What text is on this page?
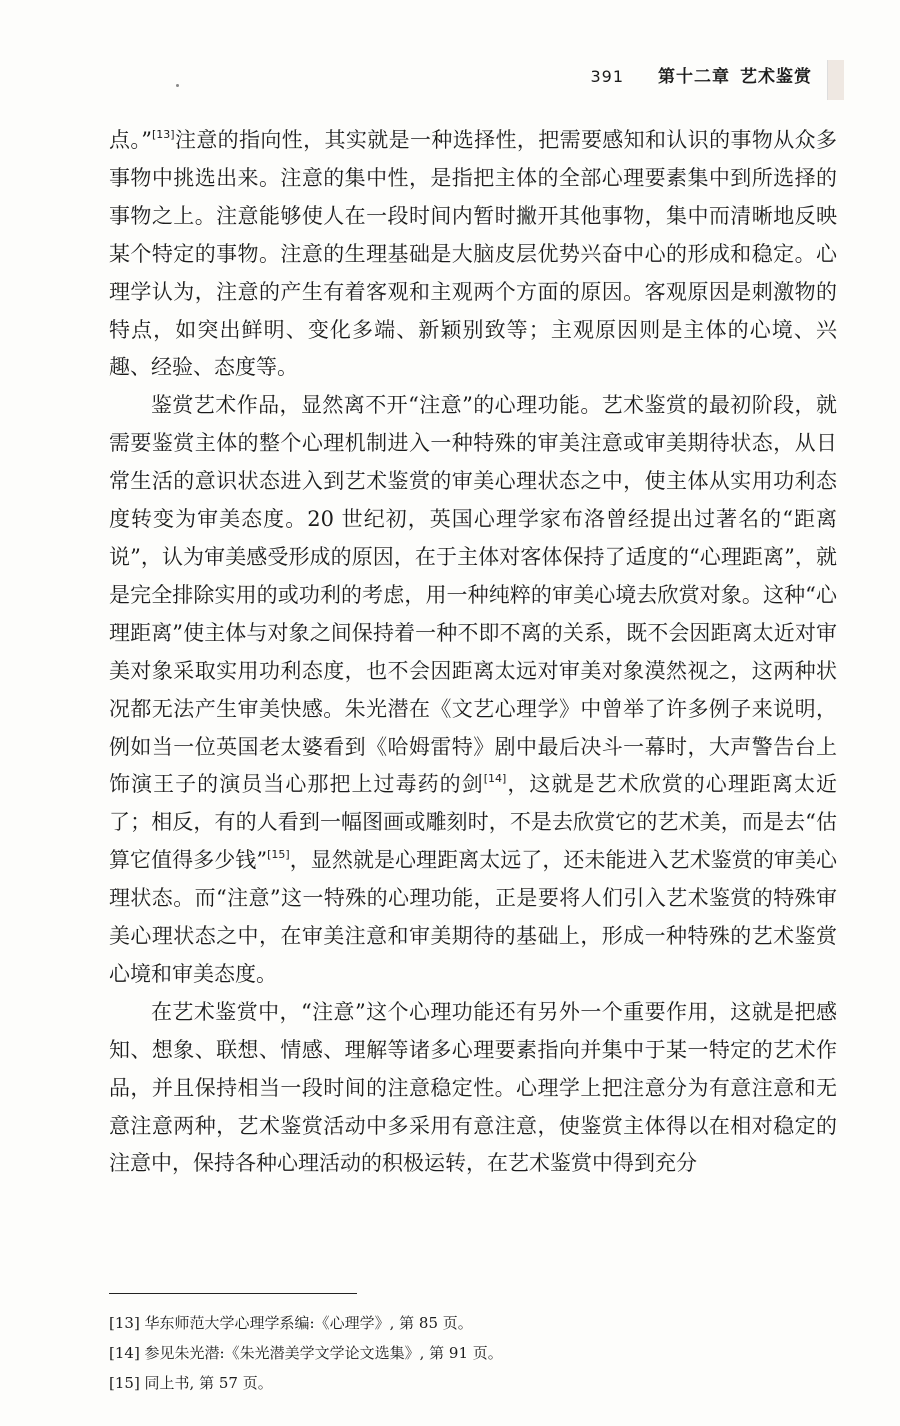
391 第十二章 艺术鉴赏

点。”[13]注意的指向性，其实就是一种选择性，把需要感知和认识的事物从众多事物中挑选出来。注意的集中性，是指把主体的全部心理要素集中到所选择的事物之上。注意能够使人在一段时间内暂时撇开其他事物，集中而清晰地反映某个特定的事物。注意的生理基础是大脑皮层优势兴奋中心的形成和稳定。心理学认为，注意的产生有着客观和主观两个方面的原因。客观原因是刺激物的特点，如突出鲜明、变化多端、新颖别致等；主观原因则是主体的心境、兴趣、经验、态度等。

鉴赏艺术作品，显然离不开“注意”的心理功能。艺术鉴赏的最初阶段，就需要鉴赏主体的整个心理机制进入一种特殊的审美注意或审美期待状态，从日常生活的意识状态进入到艺术鉴赏的审美心理状态之中，使主体从实用功利态度转变为审美态度。20 世纪初，英国心理学家布洛曾经提出过著名的“距离说”，认为审美感受形成的原因，在于主体对客体保持了适度的“心理距离”，就是完全排除实用的或功利的考虑，用一种纯粹的审美心境去欣赏对象。这种“心理距离”使主体与对象之间保持着一种不即不离的关系，既不会因距离太近对审美对象采取实用功利态度，也不会因距离太远对审美对象漠然视之，这两种状况都无法产生审美快感。朱光潜在《文艺心理学》中曾举了许多例子来说明，例如当一位英国老太婆看到《哈姆雷特》剧中最后决斗一幕时，大声警告台上饰演王子的演员当心那把上过毒药的剑[14]，这就是艺术欣赏的心理距离太近了；相反，有的人看到一幅图画或雕刻时，不是去欣赏它的艺术美，而是去“估算它值得多少钱”[15]，显然就是心理距离太远了，还未能进入艺术鉴赏的审美心理状态。而“注意”这一特殊的心理功能，正是要将人们引入艺术鉴赏的特殊审美心理状态之中，在审美注意和审美期待的基础上，形成一种特殊的艺术鉴赏心境和审美态度。

在艺术鉴赏中，“注意”这个心理功能还有另外一个重要作用，这就是把感知、想象、联想、情感、理解等诸多心理要素指向并集中于某一特定的艺术作品，并且保持相当一段时间的注意稳定性。心理学上把注意分为有意注意和无意注意两种，艺术鉴赏活动中多采用有意注意，使鉴赏主体得以在相对稳定的注意中，保持各种心理活动的积极运转，在艺术鉴赏中得到充分

[13] 华东师范大学心理学系编:《心理学》, 第 85 页。
[14] 参见朱光潜:《朱光潜美学文学论文选集》, 第 91 页。
[15] 同上书, 第 57 页。
